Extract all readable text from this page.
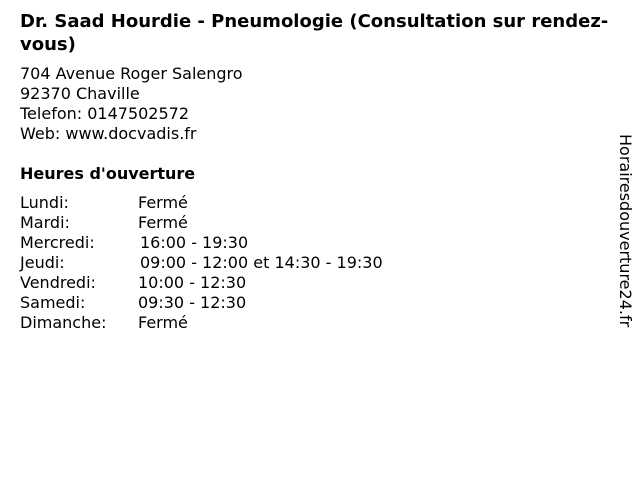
Dr. Saad Hourdie - Pneumologie (Consultation sur rendez-vous)
704 Avenue Roger Salengro
92370 Chaville
Telefon: 0147502572
Web: www.docvadis.fr
Heures d'ouverture
Lundi:	Fermé
Mardi:	Fermé
Mercredi:	16:00 - 19:30
Jeudi:	09:00 - 12:00 et 14:30 - 19:30
Vendredi:	10:00 - 12:30
Samedi:	09:30 - 12:30
Dimanche:	Fermé	Horairesdouverture24.fr
